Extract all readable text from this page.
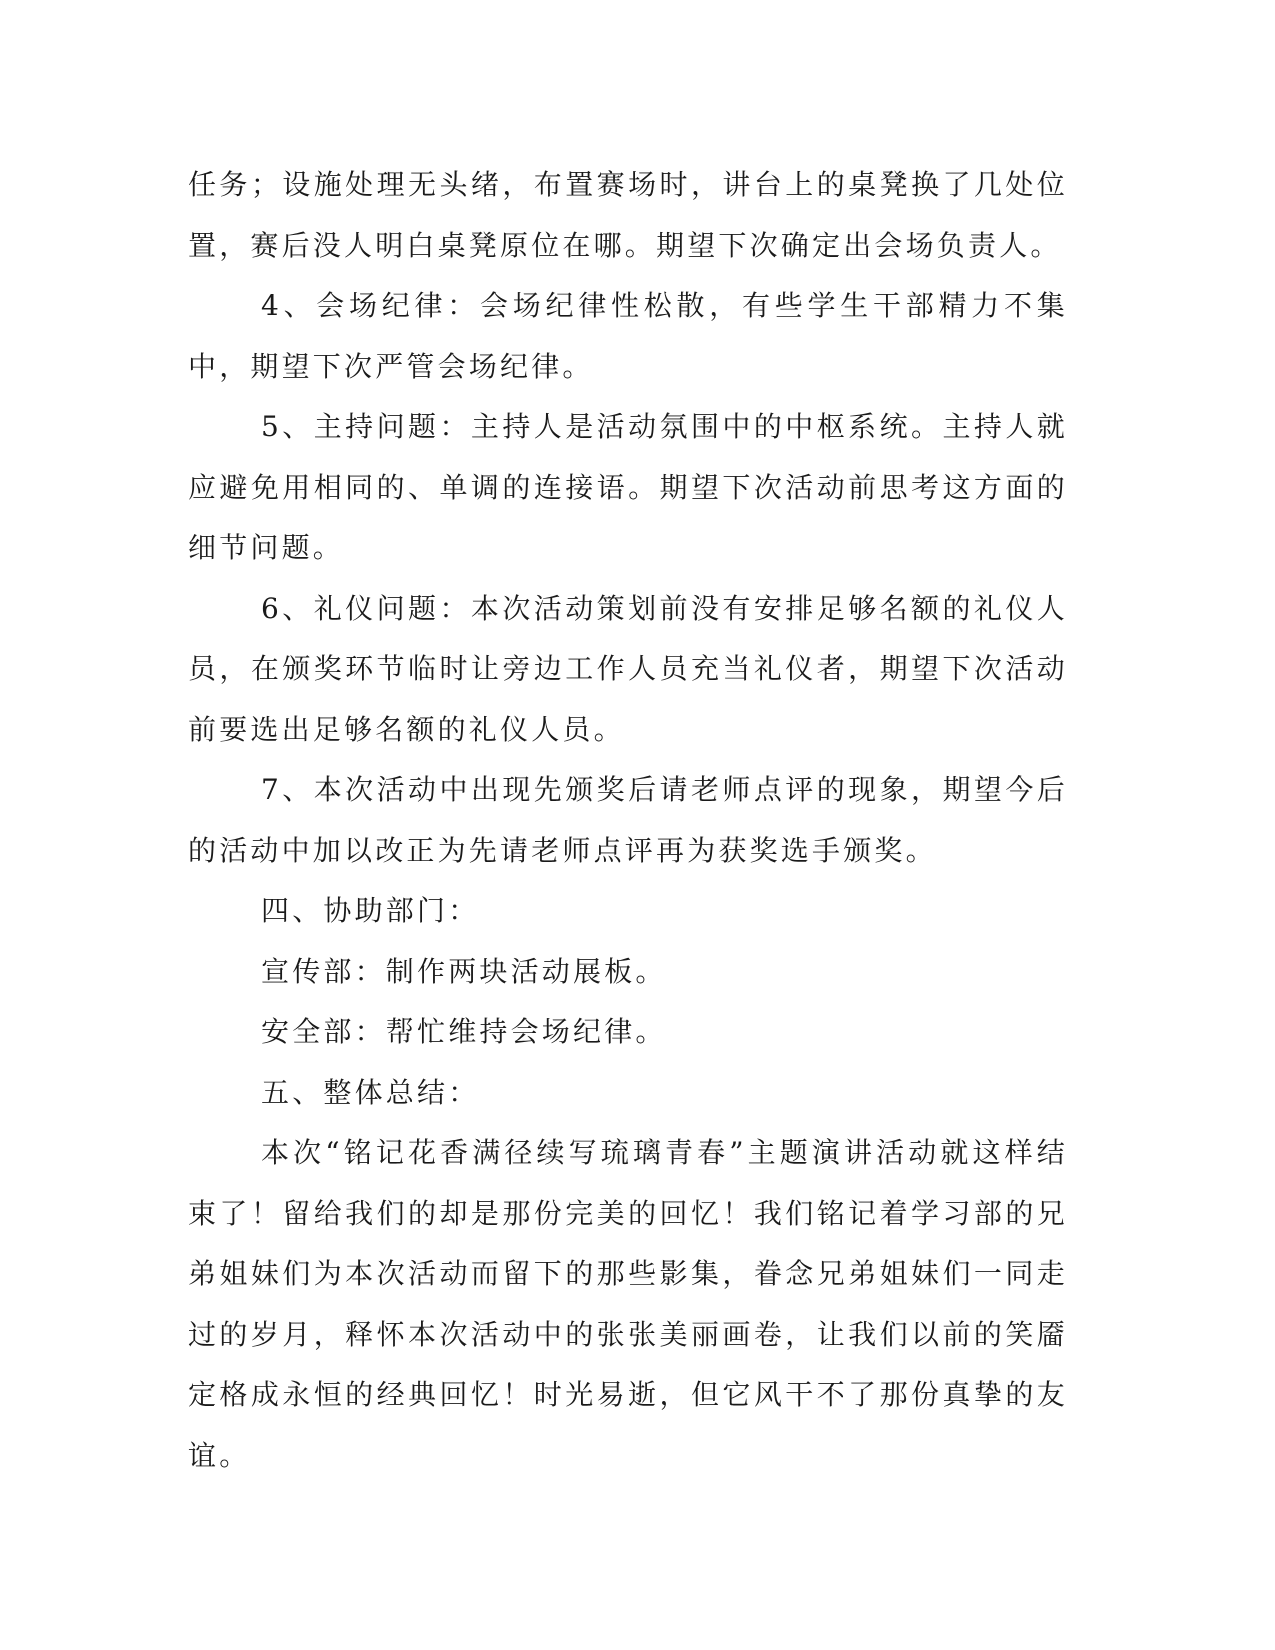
任务；设施处理无头绪，布置赛场时，讲台上的桌凳换了几处位置，赛后没人明白桌凳原位在哪。期望下次确定出会场负责人。

4、会场纪律：会场纪律性松散，有些学生干部精力不集中，期望下次严管会场纪律。

5、主持问题：主持人是活动氛围中的中枢系统。主持人就应避免用相同的、单调的连接语。期望下次活动前思考这方面的细节问题。

6、礼仪问题：本次活动策划前没有安排足够名额的礼仪人员，在颁奖环节临时让旁边工作人员充当礼仪者，期望下次活动前要选出足够名额的礼仪人员。

7、本次活动中出现先颁奖后请老师点评的现象，期望今后的活动中加以改正为先请老师点评再为获奖选手颁奖。

四、协助部门：

宣传部：制作两块活动展板。

安全部：帮忙维持会场纪律。

五、整体总结：

本次“铭记花香满径续写琉璃青春”主题演讲活动就这样结束了！留给我们的却是那份完美的回忆！我们铭记着学习部的兄弟姐妹们为本次活动而留下的那些影集，眷念兄弟姐妹们一同走过的岁月，释怀本次活动中的张张美丽画卷，让我们以前的笑靥定格成永恒的经典回忆！时光易逝，但它风干不了那份真挚的友谊。
